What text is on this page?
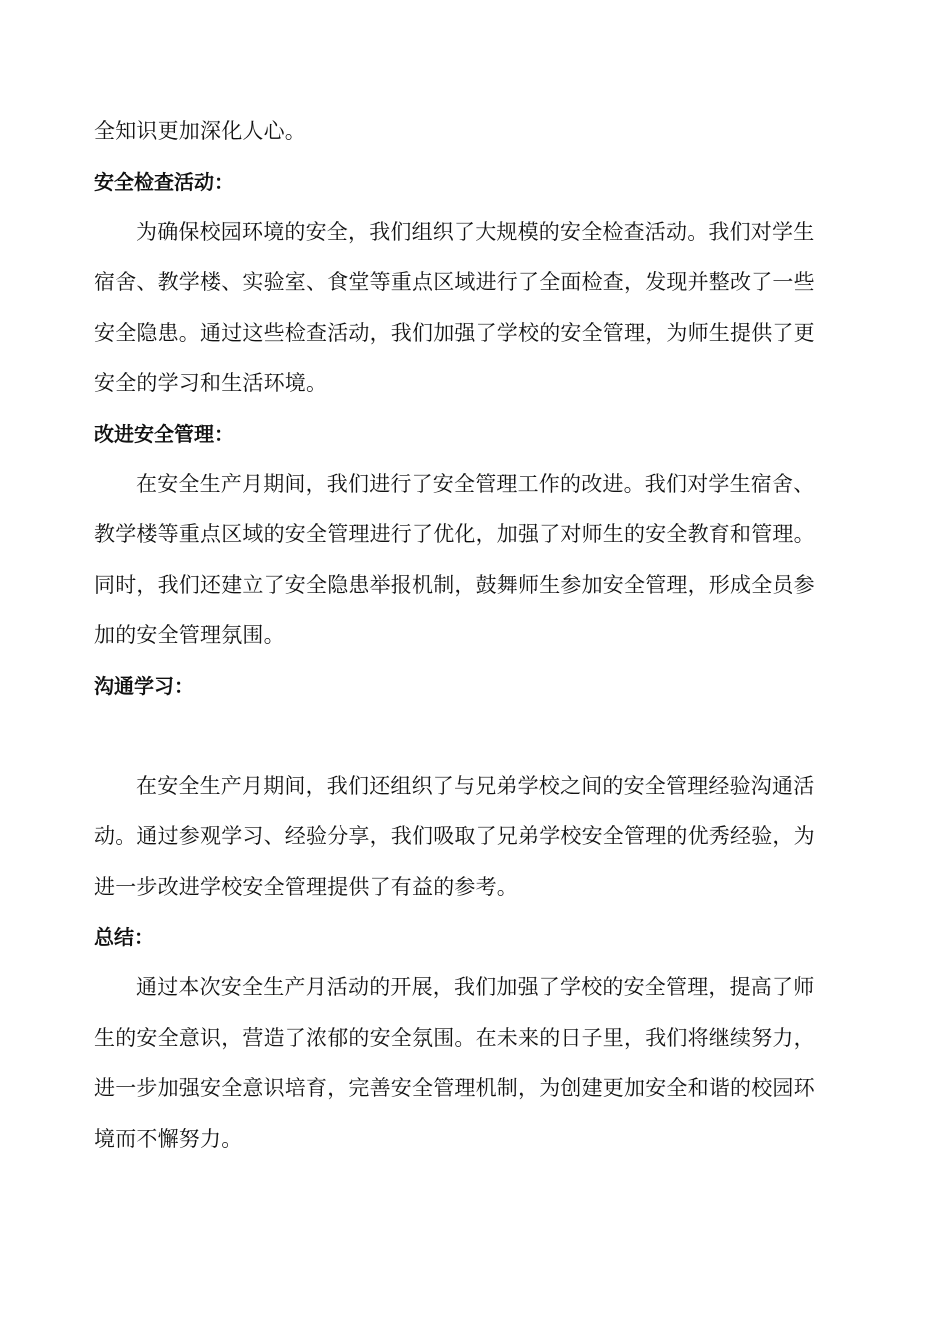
全知识更加深化人心。
安全检查活动：
为确保校园环境的安全，我们组织了大规模的安全检查活动。我们对学生
宿舍、教学楼、实验室、食堂等重点区域进行了全面检查，发现并整改了一些
安全隐患。通过这些检查活动，我们加强了学校的安全管理，为师生提供了更
安全的学习和生活环境。
改进安全管理：
在安全生产月期间，我们进行了安全管理工作的改进。我们对学生宿舍、
教学楼等重点区域的安全管理进行了优化，加强了对师生的安全教育和管理。
同时，我们还建立了安全隐患举报机制，鼓舞师生参加安全管理，形成全员参
加的安全管理氛围。
沟通学习：
在安全生产月期间，我们还组织了与兄弟学校之间的安全管理经验沟通活
动。通过参观学习、经验分享，我们吸取了兄弟学校安全管理的优秀经验，为
进一步改进学校安全管理提供了有益的参考。
总结：
通过本次安全生产月活动的开展，我们加强了学校的安全管理，提高了师
生的安全意识，营造了浓郁的安全氛围。在未来的日子里，我们将继续努力，
进一步加强安全意识培育，完善安全管理机制，为创建更加安全和谐的校园环
境而不懈努力。
